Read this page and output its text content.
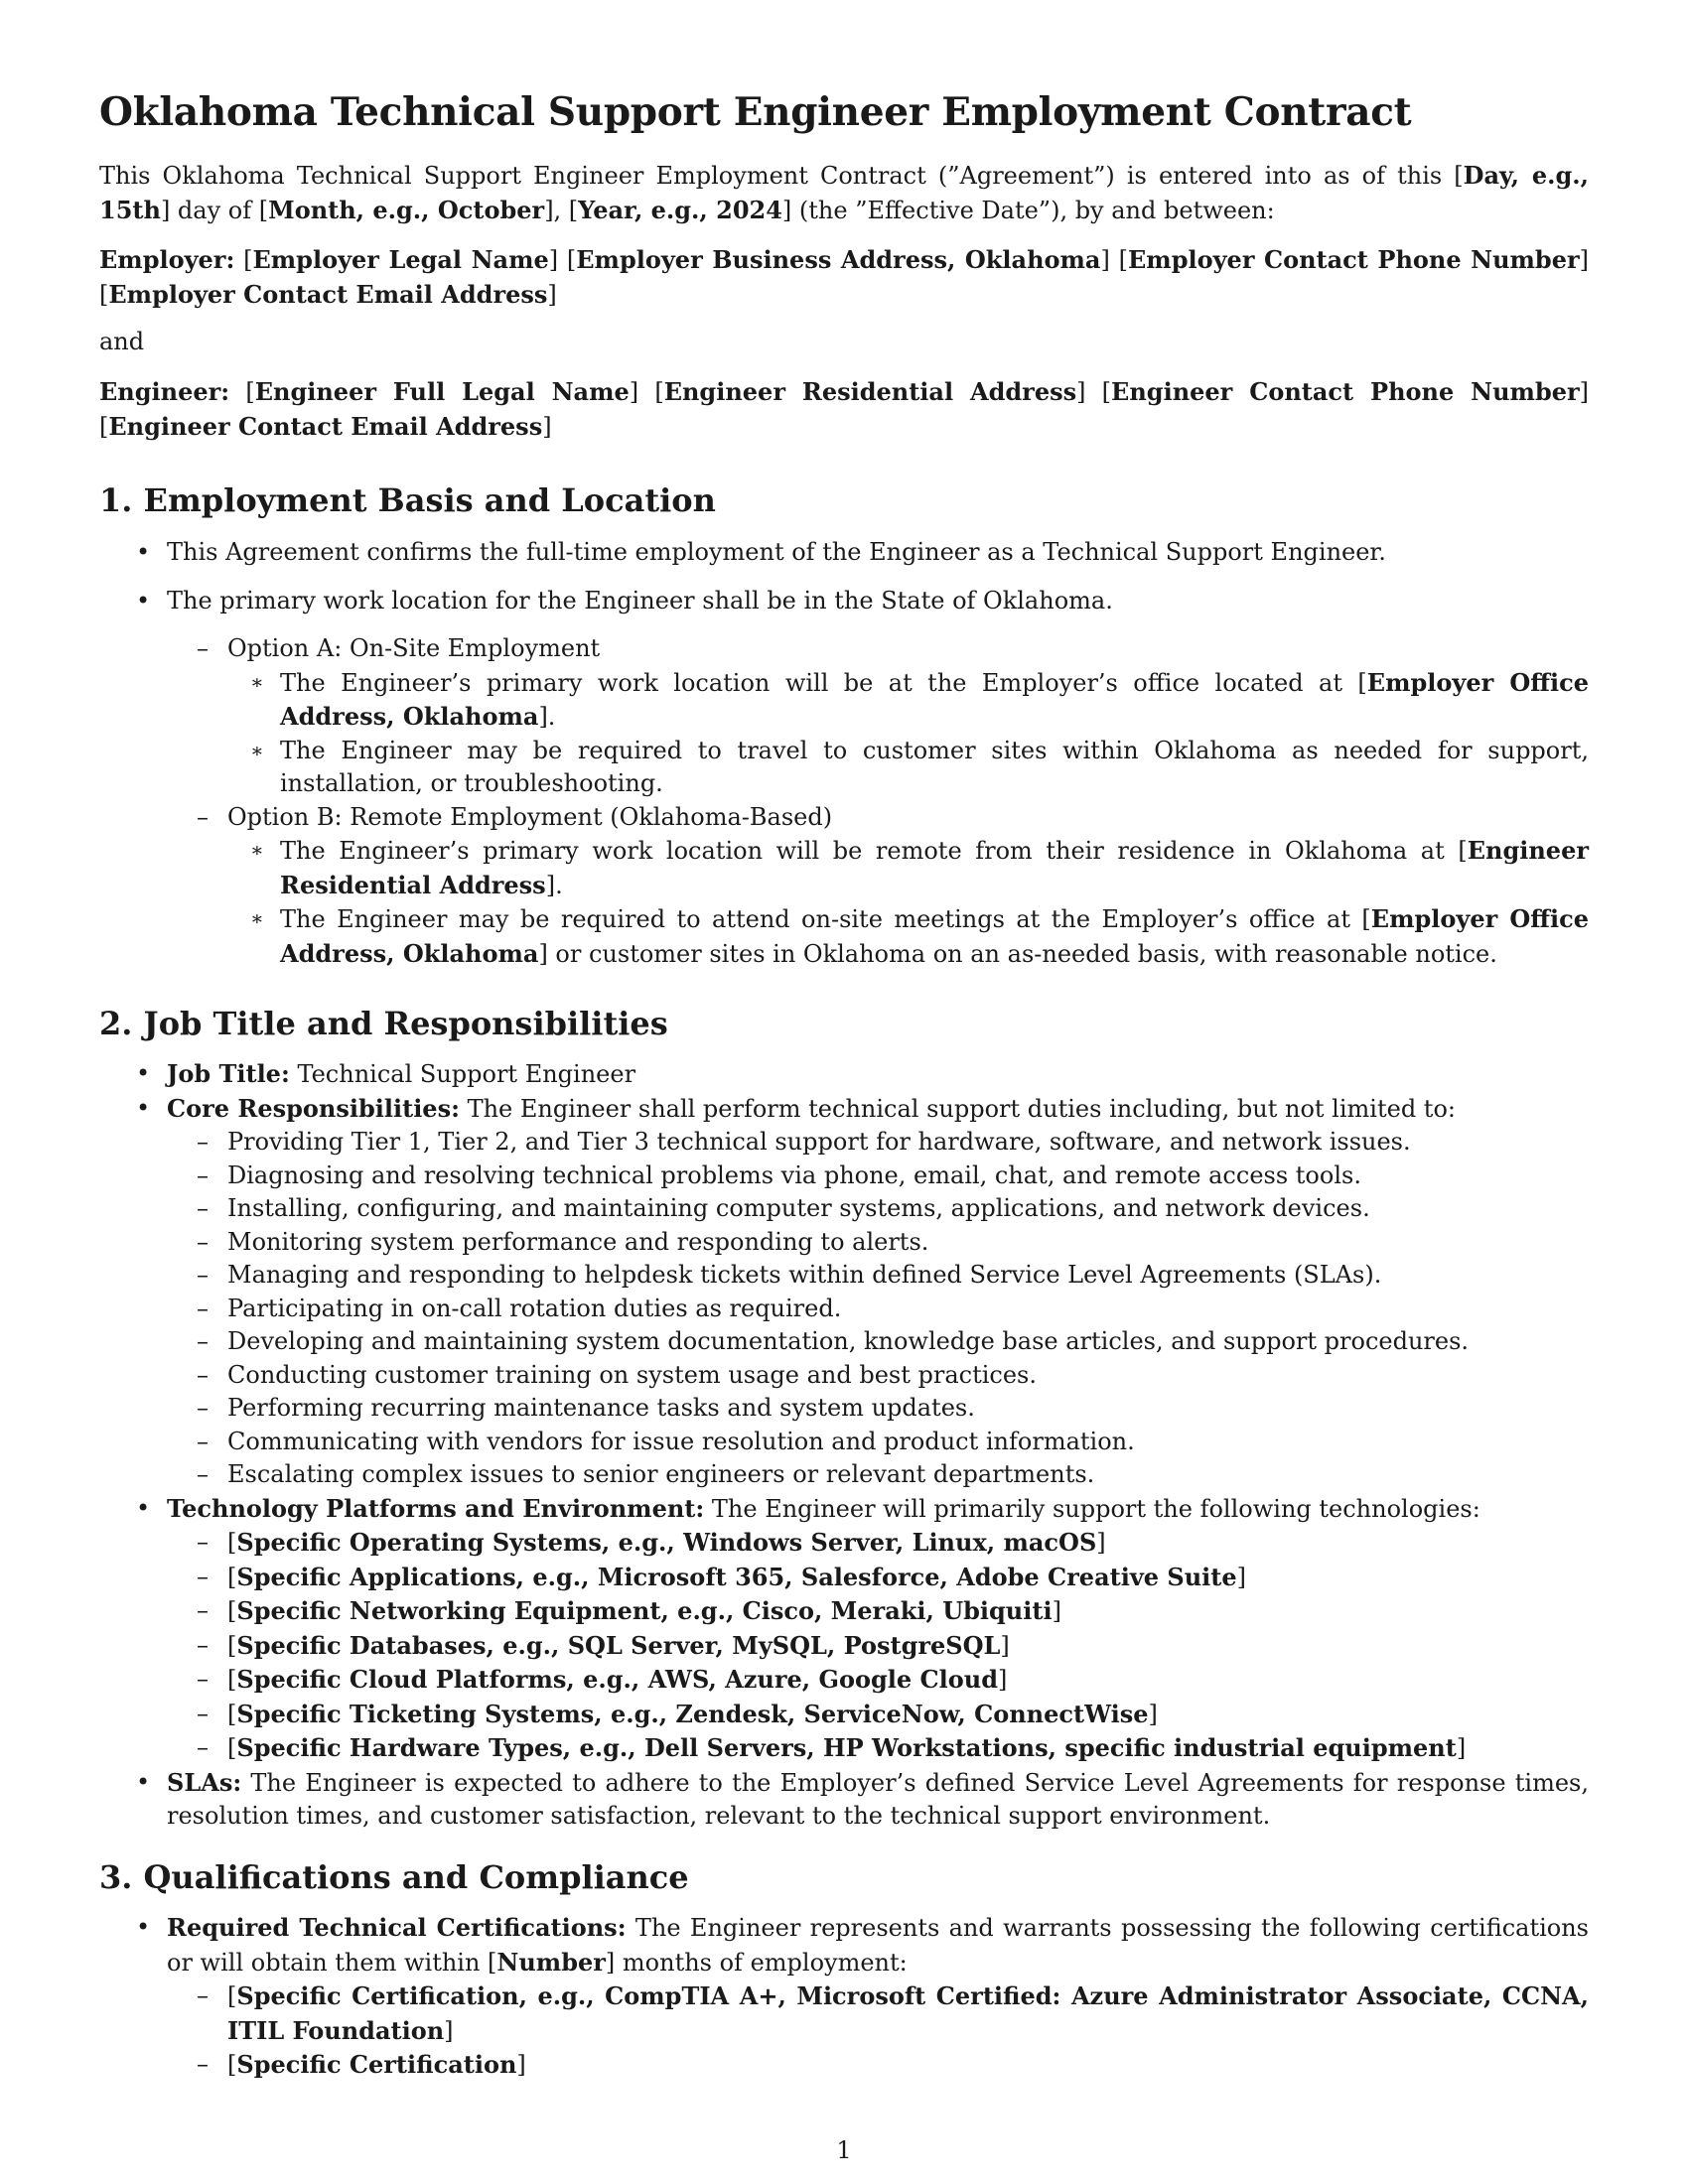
Oklahoma Technical Support Engineer Employment Contract

This Oklahoma Technical Support Engineer Employment Contract (”Agreement”) is entered into as of this [Day, e.g., 15th] day of [Month, e.g., October], [Year, e.g., 2024] (the ”Effective Date”), by and between:

Employer: [Employer Legal Name] [Employer Business Address, Oklahoma] [Employer Contact Phone Number] [Employer Contact Email Address]

and

Engineer: [Engineer Full Legal Name] [Engineer Residential Address] [Engineer Contact Phone Number] [Engineer Contact Email Address]

1. Employment Basis and Location
• This Agreement confirms the full-time employment of the Engineer as a Technical Support Engineer.
• The primary work location for the Engineer shall be in the State of Oklahoma.
– Option A: On-Site Employment

∗ The Engineer’s primary work location will be at the Employer’s office located at [Employer Office Address, Oklahoma].

∗ The Engineer may be required to travel to customer sites within Oklahoma as needed for support, installation, or troubleshooting.

– Option B: Remote Employment (Oklahoma-Based)

∗ The Engineer’s primary work location will be remote from their residence in Oklahoma at [Engineer Residential Address].

∗ The Engineer may be required to attend on-site meetings at the Employer’s office at [Employer Office Address, Oklahoma] or customer sites in Oklahoma on an as-needed basis, with reasonable notice.

2. Job Title and Responsibilities
• Job Title: Technical Support Engineer
• Core Responsibilities: The Engineer shall perform technical support duties including, but not limited to:
– Providing Tier 1, Tier 2, and Tier 3 technical support for hardware, software, and network issues.
– Diagnosing and resolving technical problems via phone, email, chat, and remote access tools.
– Installing, configuring, and maintaining computer systems, applications, and network devices.
– Monitoring system performance and responding to alerts.
– Managing and responding to helpdesk tickets within defined Service Level Agreements (SLAs).
– Participating in on-call rotation duties as required.
– Developing and maintaining system documentation, knowledge base articles, and support procedures.
– Conducting customer training on system usage and best practices.
– Performing recurring maintenance tasks and system updates.
– Communicating with vendors for issue resolution and product information.
– Escalating complex issues to senior engineers or relevant departments.
• Technology Platforms and Environment: The Engineer will primarily support the following technologies:

– [Specific Operating Systems, e.g., Windows Server, Linux, macOS]

– [Specific Applications, e.g., Microsoft 365, Salesforce, Adobe Creative Suite]

– [Specific Networking Equipment, e.g., Cisco, Meraki, Ubiquiti]

– [Specific Databases, e.g., SQL Server, MySQL, PostgreSQL]

– [Specific Cloud Platforms, e.g., AWS, Azure, Google Cloud]

– [Specific Ticketing Systems, e.g., Zendesk, ServiceNow, ConnectWise]

– [Specific Hardware Types, e.g., Dell Servers, HP Workstations, specific industrial equipment]

• SLAs: The Engineer is expected to adhere to the Employer’s defined Service Level Agreements for response times, resolution times, and customer satisfaction, relevant to the technical support environment.

3. Qualifications and Compliance

• Required Technical Certifications: The Engineer represents and warrants possessing the following certifications or will obtain them within [Number] months of employment:

– [Specific Certification, e.g., CompTIA A+, Microsoft Certified: Azure Administrator Associate, CCNA, ITIL Foundation]

– [Specific Certification]

1
